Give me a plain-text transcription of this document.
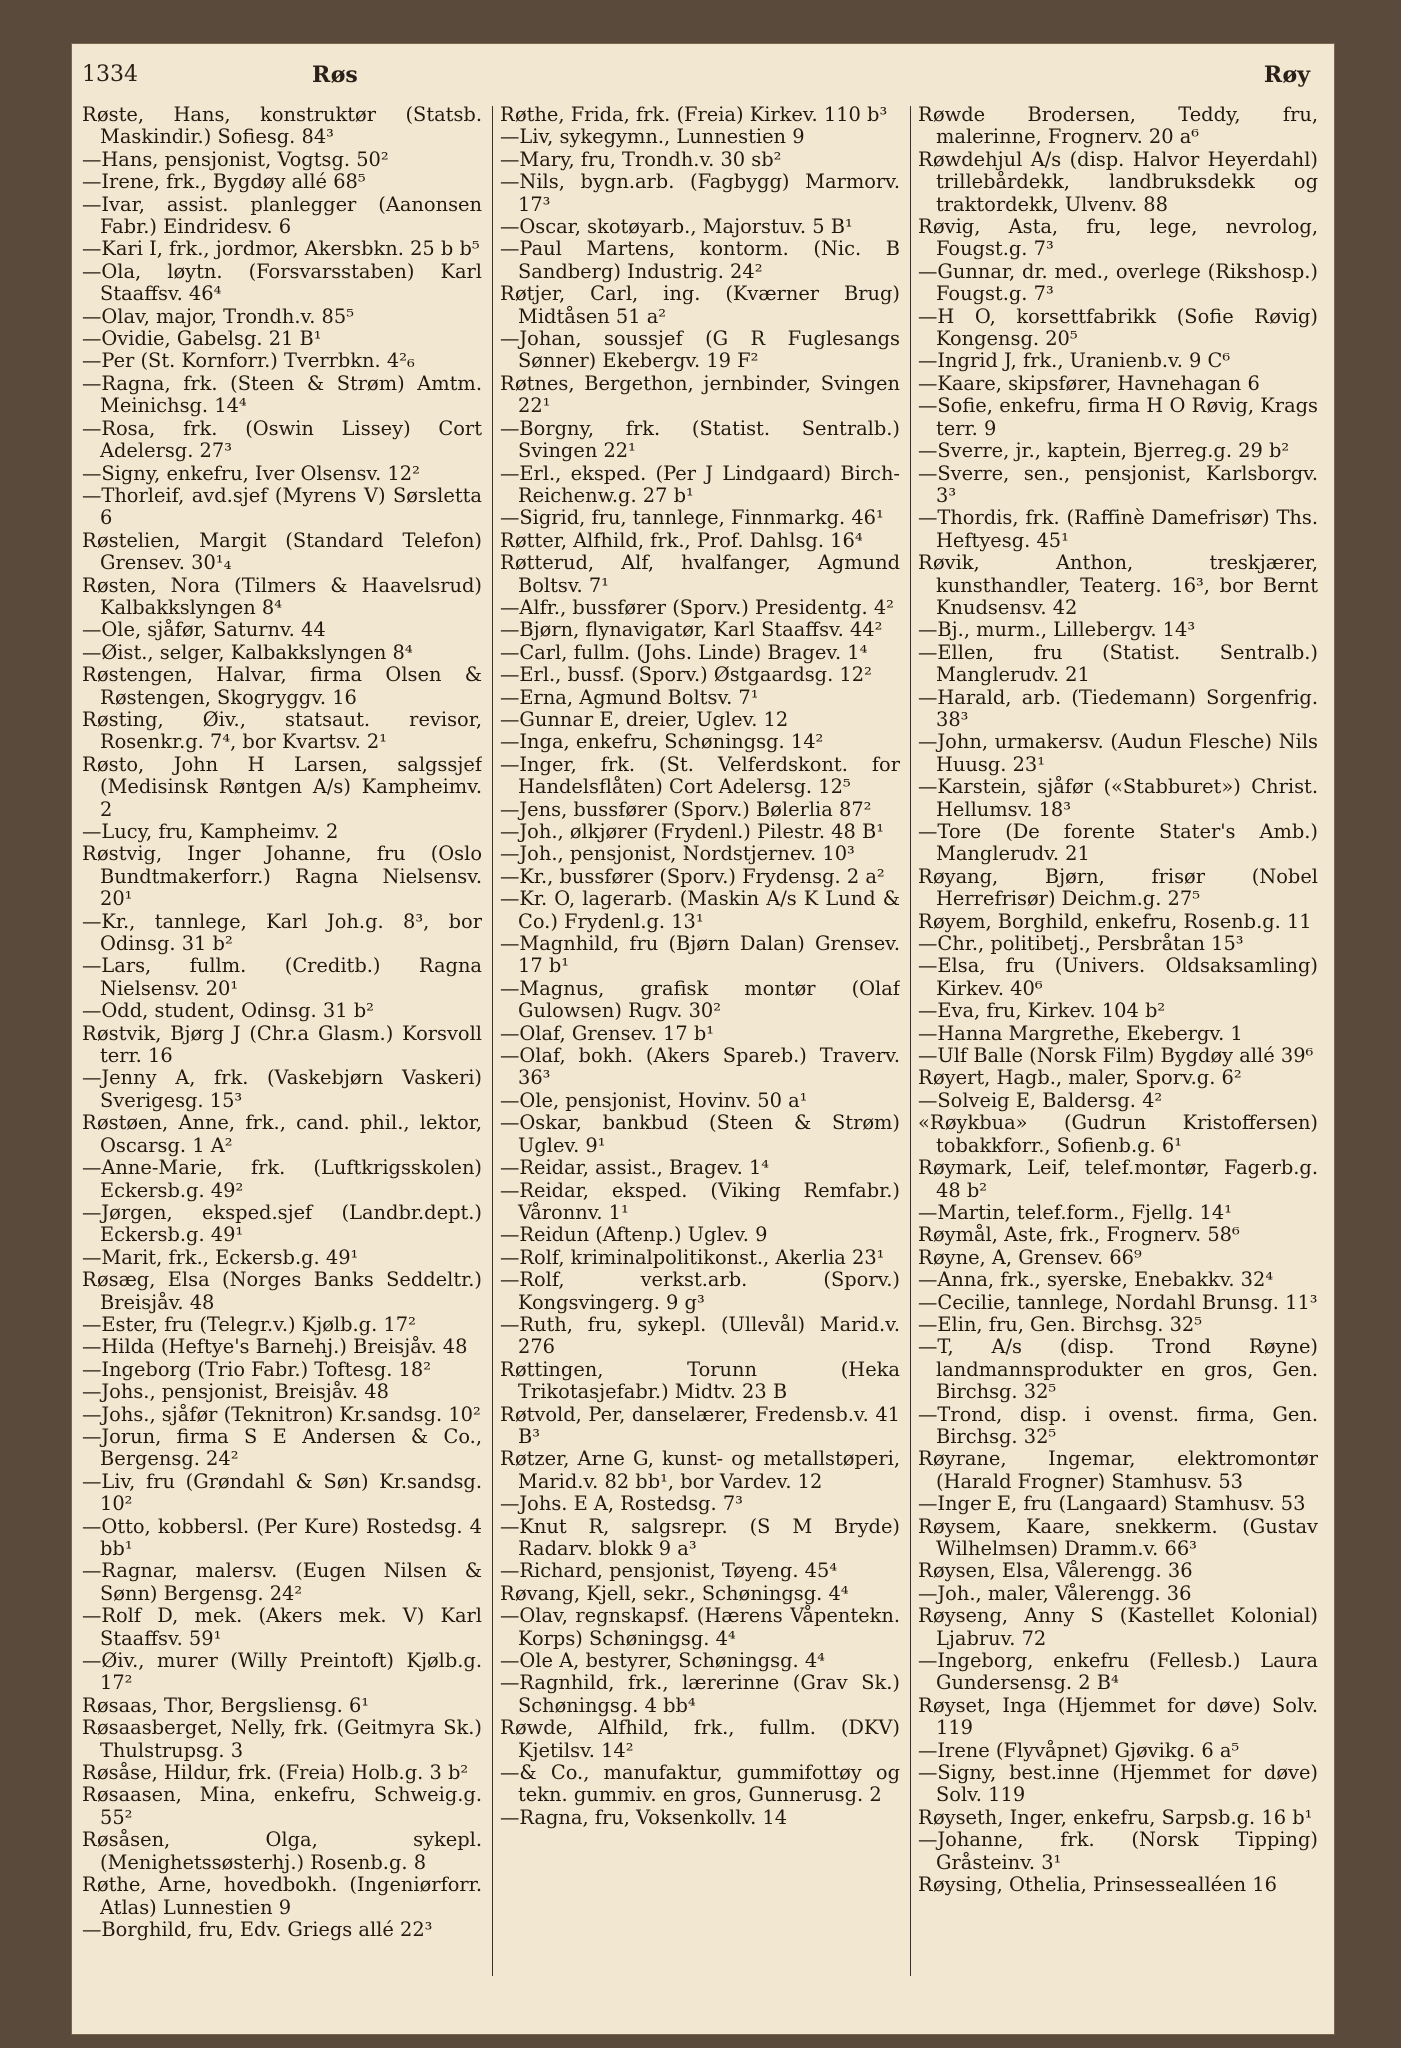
1334	Røs	Røy

Røste, Hans, konstruktør (Statsb. Maskindir.) Sofiesg. 84³

—Hans, pensjonist, Vogtsg. 50²

—Irene, frk., Bygdøy allé 68⁵

—Ivar, assist. planlegger (Aanonsen Fabr.) Eindridesv. 6

—Kari I, frk., jordmor, Akersbkn. 25 b b⁵

—Ola, løytn. (Forsvarsstaben) Karl Staaffsv. 46⁴

—Olav, major, Trondh.v. 85⁵

—Ovidie, Gabelsg. 21 B¹

—Per (St. Kornforr.) Tverrbkn. 4²₆

—Ragna, frk. (Steen & Strøm) Amtm. Meinichsg. 14⁴

—Rosa, frk. (Oswin Lissey) Cort Adelersg. 27³

—Signy, enkefru, Iver Olsensv. 12²

—Thorleif, avd.sjef (Myrens V) Sørsletta 6

Røstelien, Margit (Standard Telefon) Grensev. 30¹₄

Røsten, Nora (Tilmers & Haavelsrud) Kalbakkslyngen 8⁴

—Ole, sjåfør, Saturnv. 44

—Øist., selger, Kalbakkslyngen 8⁴

Røstengen, Halvar, firma Olsen & Røstengen, Skogryggv. 16

Røsting, Øiv., statsaut. revisor, Rosenkr.g. 7⁴, bor Kvartsv. 2¹

Røsto, John H Larsen, salgssjef (Medisinsk Røntgen A/s) Kampheimv. 2

—Lucy, fru, Kampheimv. 2

Røstvig, Inger Johanne, fru (Oslo Bundtmakerforr.) Ragna Nielsensv. 20¹

—Kr., tannlege, Karl Joh.g. 8³, bor Odinsg. 31 b²

—Lars, fullm. (Creditb.) Ragna Nielsensv. 20¹

—Odd, student, Odinsg. 31 b²

Røstvik, Bjørg J (Chr.a Glasm.) Korsvoll terr. 16

—Jenny A, frk. (Vaskebjørn Vaskeri) Sverigesg. 15³

Røstøen, Anne, frk., cand. phil., lektor, Oscarsg. 1 A²

—Anne-Marie, frk. (Luftkrigsskolen) Eckersb.g. 49²

—Jørgen, eksped.sjef (Landbr.dept.) Eckersb.g. 49¹

—Marit, frk., Eckersb.g. 49¹

Røsæg, Elsa (Norges Banks Seddeltr.) Breisjåv. 48

—Ester, fru (Telegr.v.) Kjølb.g. 17²

—Hilda (Heftye's Barnehj.) Breisjåv. 48

—Ingeborg (Trio Fabr.) Toftesg. 18²

—Johs., pensjonist, Breisjåv. 48

—Johs., sjåfør (Teknitron) Kr.sandsg. 10²

—Jorun, firma S E Andersen & Co., Bergensg. 24²

—Liv, fru (Grøndahl & Søn) Kr.sandsg. 10²

—Otto, kobbersl. (Per Kure) Rostedsg. 4 bb¹

—Ragnar, malersv. (Eugen Nilsen & Sønn) Bergensg. 24²

—Rolf D, mek. (Akers mek. V) Karl Staaffsv. 59¹

—Øiv., murer (Willy Preintoft) Kjølb.g. 17²

Røsaas, Thor, Bergsliensg. 6¹

Røsaasberget, Nelly, frk. (Geitmyra Sk.) Thulstrupsg. 3

Røsåse, Hildur, frk. (Freia) Holb.g. 3 b²

Røsaasen, Mina, enkefru, Schweig.g. 55²

Røsåsen, Olga, sykepl. (Menighetssøsterhj.) Rosenb.g. 8

Røthe, Arne, hovedbokh. (Ingeniørforr. Atlas) Lunnestien 9

—Borghild, fru, Edv. Griegs allé 22³

Røthe, Frida, frk. (Freia) Kirkev. 110 b³

—Liv, sykegymn., Lunnestien 9

—Mary, fru, Trondh.v. 30 sb²

—Nils, bygn.arb. (Fagbygg) Marmorv. 17³

—Oscar, skotøyarb., Majorstuv. 5 B¹

—Paul Martens, kontorm. (Nic. B Sandberg) Industrig. 24²

Røtjer, Carl, ing. (Kværner Brug) Midtåsen 51 a²

—Johan, soussjef (G R Fuglesangs Sønner) Ekebergv. 19 F²

Røtnes, Bergethon, jernbinder, Svingen 22¹

—Borgny, frk. (Statist. Sentralb.) Svingen 22¹

—Erl., eksped. (Per J Lindgaard) Birch-Reichenw.g. 27 b¹

—Sigrid, fru, tannlege, Finnmarkg. 46¹

Røtter, Alfhild, frk., Prof. Dahlsg. 16⁴

Røtterud, Alf, hvalfanger, Agmund Boltsv. 7¹

—Alfr., bussfører (Sporv.) Presidentg. 4²

—Bjørn, flynavigatør, Karl Staaffsv. 44²

—Carl, fullm. (Johs. Linde) Bragev. 1⁴

—Erl., bussf. (Sporv.) Østgaardsg. 12²

—Erna, Agmund Boltsv. 7¹

—Gunnar E, dreier, Uglev. 12

—Inga, enkefru, Schøningsg. 14²

—Inger, frk. (St. Velferdskont. for Handelsflåten) Cort Adelersg. 12⁵

—Jens, bussfører (Sporv.) Bølerlia 87²

—Joh., ølkjører (Frydenl.) Pilestr. 48 B¹

—Joh., pensjonist, Nordstjernev. 10³

—Kr., bussfører (Sporv.) Frydensg. 2 a²

—Kr. O, lagerarb. (Maskin A/s K Lund & Co.) Frydenl.g. 13¹

—Magnhild, fru (Bjørn Dalan) Grensev. 17 b¹

—Magnus, grafisk montør (Olaf Gulowsen) Rugv. 30²

—Olaf, Grensev. 17 b¹

—Olaf, bokh. (Akers Spareb.) Traverv. 36³

—Ole, pensjonist, Hovinv. 50 a¹

—Oskar, bankbud (Steen & Strøm) Uglev. 9¹

—Reidar, assist., Bragev. 1⁴

—Reidar, eksped. (Viking Remfabr.) Våronnv. 1¹

—Reidun (Aftenp.) Uglev. 9

—Rolf, kriminalpolitikonst., Akerlia 23¹

—Rolf, verkst.arb. (Sporv.) Kongsvingerg. 9 g³

—Ruth, fru, sykepl. (Ullevål) Marid.v. 276

Røttingen, Torunn (Heka Trikotasjefabr.) Midtv. 23 B

Røtvold, Per, danselærer, Fredensb.v. 41 B³

Røtzer, Arne G, kunst- og metallstøperi, Marid.v. 82 bb¹, bor Vardev. 12

—Johs. E A, Rostedsg. 7³

—Knut R, salgsrepr. (S M Bryde) Radarv. blokk 9 a³

—Richard, pensjonist, Tøyeng. 45⁴

Røvang, Kjell, sekr., Schøningsg. 4⁴

—Olav, regnskapsf. (Hærens Våpentekn. Korps) Schøningsg. 4⁴

—Ole A, bestyrer, Schøningsg. 4⁴

—Ragnhild, frk., lærerinne (Grav Sk.) Schøningsg. 4 bb⁴

Røwde, Alfhild, frk., fullm. (DKV) Kjetilsv. 14²

—& Co., manufaktur, gummifottøy og tekn. gummiv. en gros, Gunnerusg. 2

—Ragna, fru, Voksenkollv. 14

Røwde Brodersen, Teddy, fru, malerinne, Frognerv. 20 a⁶

Røwdehjul A/s (disp. Halvor Heyerdahl) trillebårdekk, landbruksdekk og traktordekk, Ulvenv. 88

Røvig, Asta, fru, lege, nevrolog, Fougst.g. 7³

—Gunnar, dr. med., overlege (Rikshosp.) Fougst.g. 7³

—H O, korsettfabrikk (Sofie Røvig) Kongensg. 20⁵

—Ingrid J, frk., Uranienb.v. 9 C⁶

—Kaare, skipsfører, Havnehagan 6

—Sofie, enkefru, firma H O Røvig, Krags terr. 9

—Sverre, jr., kaptein, Bjerreg.g. 29 b²

—Sverre, sen., pensjonist, Karlsborgv. 3³

—Thordis, frk. (Raffinè Damefrisør) Ths. Heftyesg. 45¹

Røvik, Anthon, treskjærer, kunsthandler, Teaterg. 16³, bor Bernt Knudsensv. 42

—Bj., murm., Lillebergv. 14³

—Ellen, fru (Statist. Sentralb.) Manglerudv. 21

—Harald, arb. (Tiedemann) Sorgenfrig. 38³

—John, urmakersv. (Audun Flesche) Nils Huusg. 23¹

—Karstein, sjåfør («Stabburet») Christ. Hellumsv. 18³

—Tore (De forente Stater's Amb.) Manglerudv. 21

Røyang, Bjørn, frisør (Nobel Herrefrisør) Deichm.g. 27⁵

Røyem, Borghild, enkefru, Rosenb.g. 11

—Chr., politibetj., Persbråtan 15³

—Elsa, fru (Univers. Oldsaksamling) Kirkev. 40⁶

—Eva, fru, Kirkev. 104 b²

—Hanna Margrethe, Ekebergv. 1

—Ulf Balle (Norsk Film) Bygdøy allé 39⁶

Røyert, Hagb., maler, Sporv.g. 6²

—Solveig E, Baldersg. 4²

«Røykbua» (Gudrun Kristoffersen) tobakkforr., Sofienb.g. 6¹

Røymark, Leif, telef.montør, Fagerb.g. 48 b²

—Martin, telef.form., Fjellg. 14¹

Røymål, Aste, frk., Frognerv. 58⁶

Røyne, A, Grensev. 66⁹

—Anna, frk., syerske, Enebakkv. 32⁴

—Cecilie, tannlege, Nordahl Brunsg. 11³

—Elin, fru, Gen. Birchsg. 32⁵

—T, A/s (disp. Trond Røyne) landmannsprodukter en gros, Gen. Birchsg. 32⁵

—Trond, disp. i ovenst. firma, Gen. Birchsg. 32⁵

Røyrane, Ingemar, elektromontør (Harald Frogner) Stamhusv. 53

—Inger E, fru (Langaard) Stamhusv. 53

Røysem, Kaare, snekkerm. (Gustav Wilhelmsen) Dramm.v. 66³

Røysen, Elsa, Vålerengg. 36

—Joh., maler, Vålerengg. 36

Røyseng, Anny S (Kastellet Kolonial) Ljabruv. 72

—Ingeborg, enkefru (Fellesb.) Laura Gundersensg. 2 B⁴

Røyset, Inga (Hjemmet for døve) Solv. 119

—Irene (Flyvåpnet) Gjøvikg. 6 a⁵

—Signy, best.inne (Hjemmet for døve) Solv. 119

Røyseth, Inger, enkefru, Sarpsb.g. 16 b¹

—Johanne, frk. (Norsk Tipping) Gråsteinv. 3¹

Røysing, Othelia, Prinsessealléen 16
